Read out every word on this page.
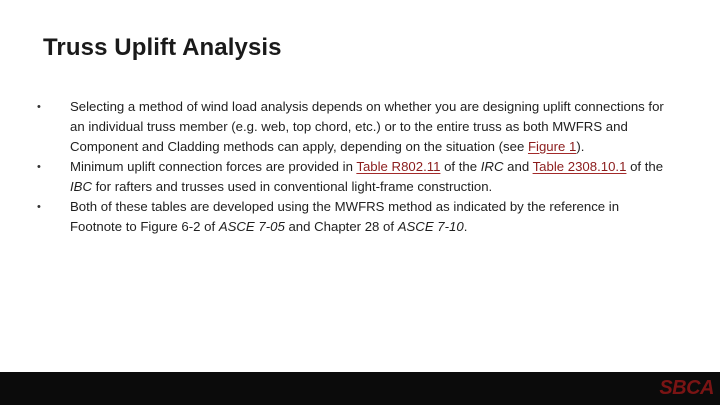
Truss Uplift Analysis
• Selecting a method of wind load analysis depends on whether you are designing uplift connections for an individual truss member (e.g. web, top chord, etc.) or to the entire truss as both MWFRS and Component and Cladding methods can apply, depending on the situation (see Figure 1).
• Minimum uplift connection forces are provided in Table R802.11 of the IRC and Table 2308.10.1 of the IBC for rafters and trusses used in conventional light-frame construction.
• Both of these tables are developed using the MWFRS method as indicated by the reference in Footnote to Figure 6-2 of ASCE 7-05 and Chapter 28 of ASCE 7-10.
SBCA
